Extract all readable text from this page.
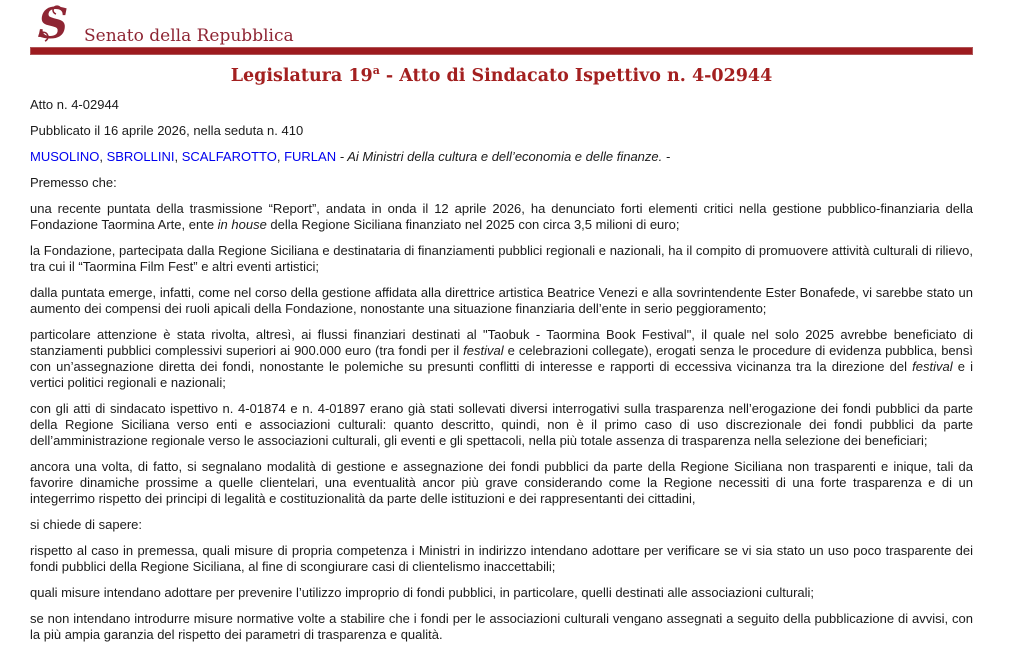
S Senato della Repubblica
Legislatura 19$^a$ - Atto di Sindacato Ispettivo n. 4-02944

Atto n. 4-02944

Pubblicato il 16 aprile 2026, nella seduta n. 410

MUSOLINO, SBROLLINI, SCALFAROTTO, FURLAN - Ai Ministri della cultura e dell’economia e delle finanze. -

Premesso che:

una recente puntata della trasmissione “Report”, andata in onda il 12 aprile 2026, ha denunciato forti elementi critici nella gestione pubblico-finanziaria della Fondazione Taormina Arte, ente in house della Regione Siciliana finanziato nel 2025 con circa 3,5 milioni di euro;

la Fondazione, partecipata dalla Regione Siciliana e destinataria di finanziamenti pubblici regionali e nazionali, ha il compito di promuovere attività culturali di rilievo, tra cui il “Taormina Film Fest” e altri eventi artistici;

dalla puntata emerge, infatti, come nel corso della gestione affidata alla direttrice artistica Beatrice Venezi e alla sovrintendente Ester Bonafede, vi sarebbe stato un aumento dei compensi dei ruoli apicali della Fondazione, nonostante una situazione finanziaria dell’ente in serio peggioramento;

particolare attenzione è stata rivolta, altresì, ai flussi finanziari destinati al "Taobuk - Taormina Book Festival", il quale nel solo 2025 avrebbe beneficiato di stanziamenti pubblici complessivi superiori ai 900.000 euro (tra fondi per il festival e celebrazioni collegate), erogati senza le procedure di evidenza pubblica, bensì con un’assegnazione diretta dei fondi, nonostante le polemiche su presunti conflitti di interesse e rapporti di eccessiva vicinanza tra la direzione del festival e i vertici politici regionali e nazionali;

con gli atti di sindacato ispettivo n. 4-01874 e n. 4-01897 erano già stati sollevati diversi interrogativi sulla trasparenza nell’erogazione dei fondi pubblici da parte della Regione Siciliana verso enti e associazioni culturali: quanto descritto, quindi, non è il primo caso di uso discrezionale dei fondi pubblici da parte dell’amministrazione regionale verso le associazioni culturali, gli eventi e gli spettacoli, nella più totale assenza di trasparenza nella selezione dei beneficiari;

ancora una volta, di fatto, si segnalano modalità di gestione e assegnazione dei fondi pubblici da parte della Regione Siciliana non trasparenti e inique, tali da favorire dinamiche prossime a quelle clientelari, una eventualità ancor più grave considerando come la Regione necessiti di una forte trasparenza e di un integerrimo rispetto dei principi di legalità e costituzionalità da parte delle istituzioni e dei rappresentanti dei cittadini,

si chiede di sapere:

rispetto al caso in premessa, quali misure di propria competenza i Ministri in indirizzo intendano adottare per verificare se vi sia stato un uso poco trasparente dei fondi pubblici della Regione Siciliana, al fine di scongiurare casi di clientelismo inaccettabili;

quali misure intendano adottare per prevenire l’utilizzo improprio di fondi pubblici, in particolare, quelli destinati alle associazioni culturali;

se non intendano introdurre misure normative volte a stabilire che i fondi per le associazioni culturali vengano assegnati a seguito della pubblicazione di avvisi, con la più ampia garanzia del rispetto dei parametri di trasparenza e qualità.
